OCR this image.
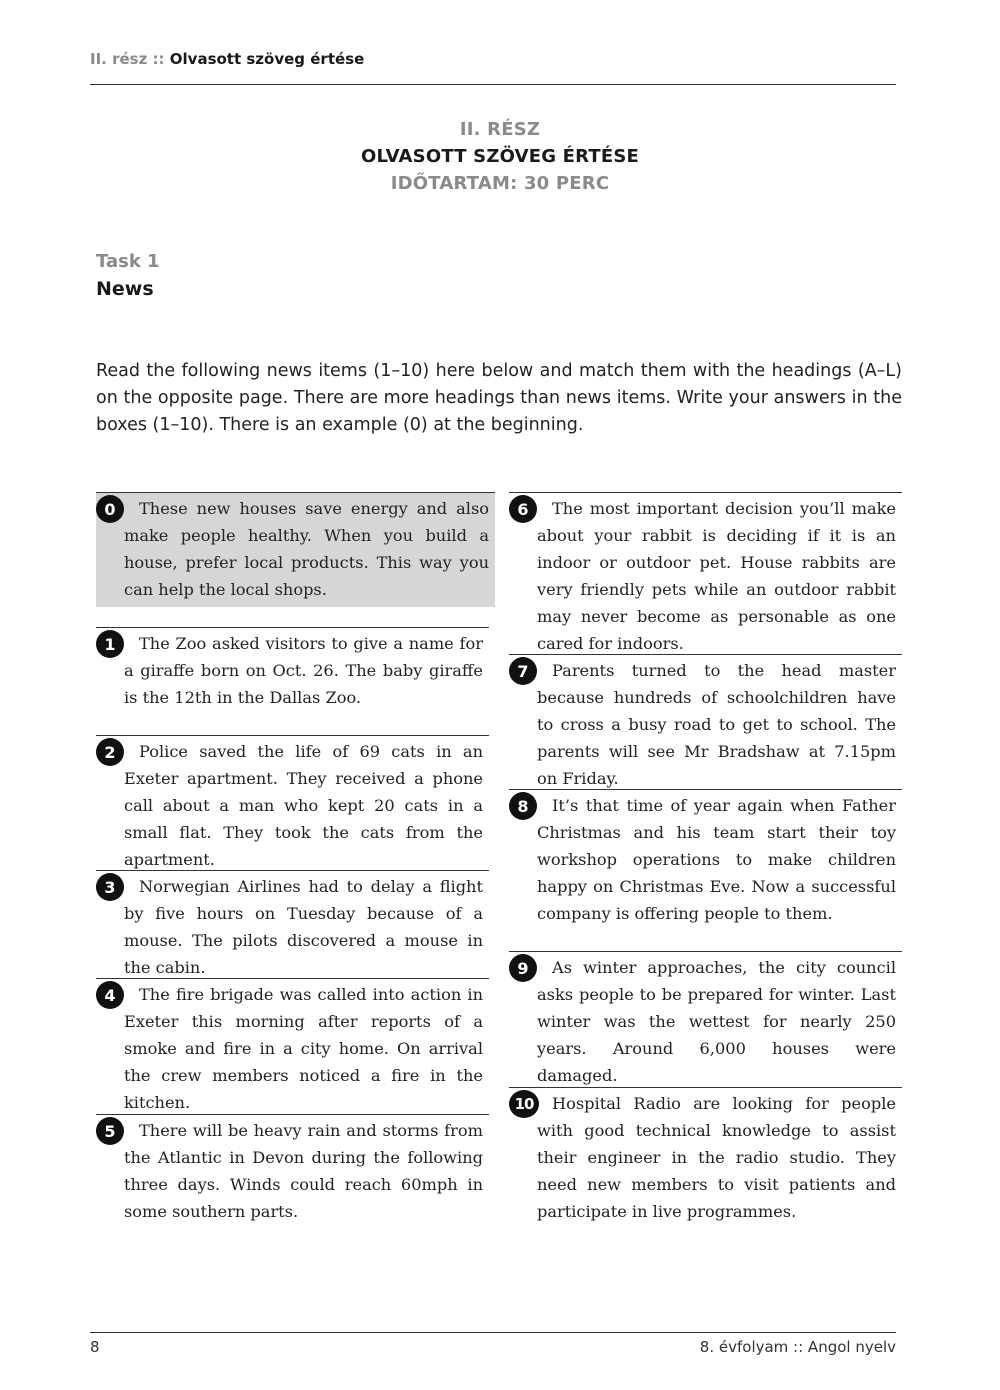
II. rész :: Olvasott szöveg értése
II. RÉSZ
OLVASOTT SZÖVEG ÉRTÉSE
IDŐTARTAM: 30 PERC
Task 1
News
Read the following news items (1–10) here below and match them with the headings (A–L) on the opposite page. There are more headings than news items. Write your answers in the boxes (1–10). There is an example (0) at the beginning.
0	These new houses save energy and also make people healthy. When you build a house, prefer local products. This way you can help the local shops.
1	The Zoo asked visitors to give a name for a giraffe born on Oct. 26. The baby giraffe is the 12th in the Dallas Zoo.
2	Police saved the life of 69 cats in an Exeter apartment. They received a phone call about a man who kept 20 cats in a small flat. They took the cats from the apartment.
3	Norwegian Airlines had to delay a flight by five hours on Tuesday because of a mouse. The pilots discovered a mouse in the cabin.
4	The fire brigade was called into action in Exeter this morning after reports of a smoke and fire in a city home. On arrival the crew members noticed a fire in the kitchen.
5	There will be heavy rain and storms from the Atlantic in Devon during the following three days. Winds could reach 60mph in some southern parts.
6	The most important decision you’ll make about your rabbit is deciding if it is an indoor or outdoor pet. House rabbits are very friendly pets while an outdoor rabbit may never become as personable as one cared for indoors.
7	Parents turned to the head master because hundreds of schoolchildren have to cross a busy road to get to school. The parents will see Mr Bradshaw at 7.15pm on Friday.
8	It’s that time of year again when Father Christmas and his team start their toy workshop operations to make children happy on Christmas Eve. Now a successful company is offering people to them.
9	As winter approaches, the city council asks people to be prepared for winter. Last winter was the wettest for nearly 250 years. Around 6,000 houses were damaged.
10	Hospital Radio are looking for people with good technical knowledge to assist their engineer in the radio studio. They need new members to visit patients and participate in live programmes.
8	8. évfolyam :: Angol nyelv
